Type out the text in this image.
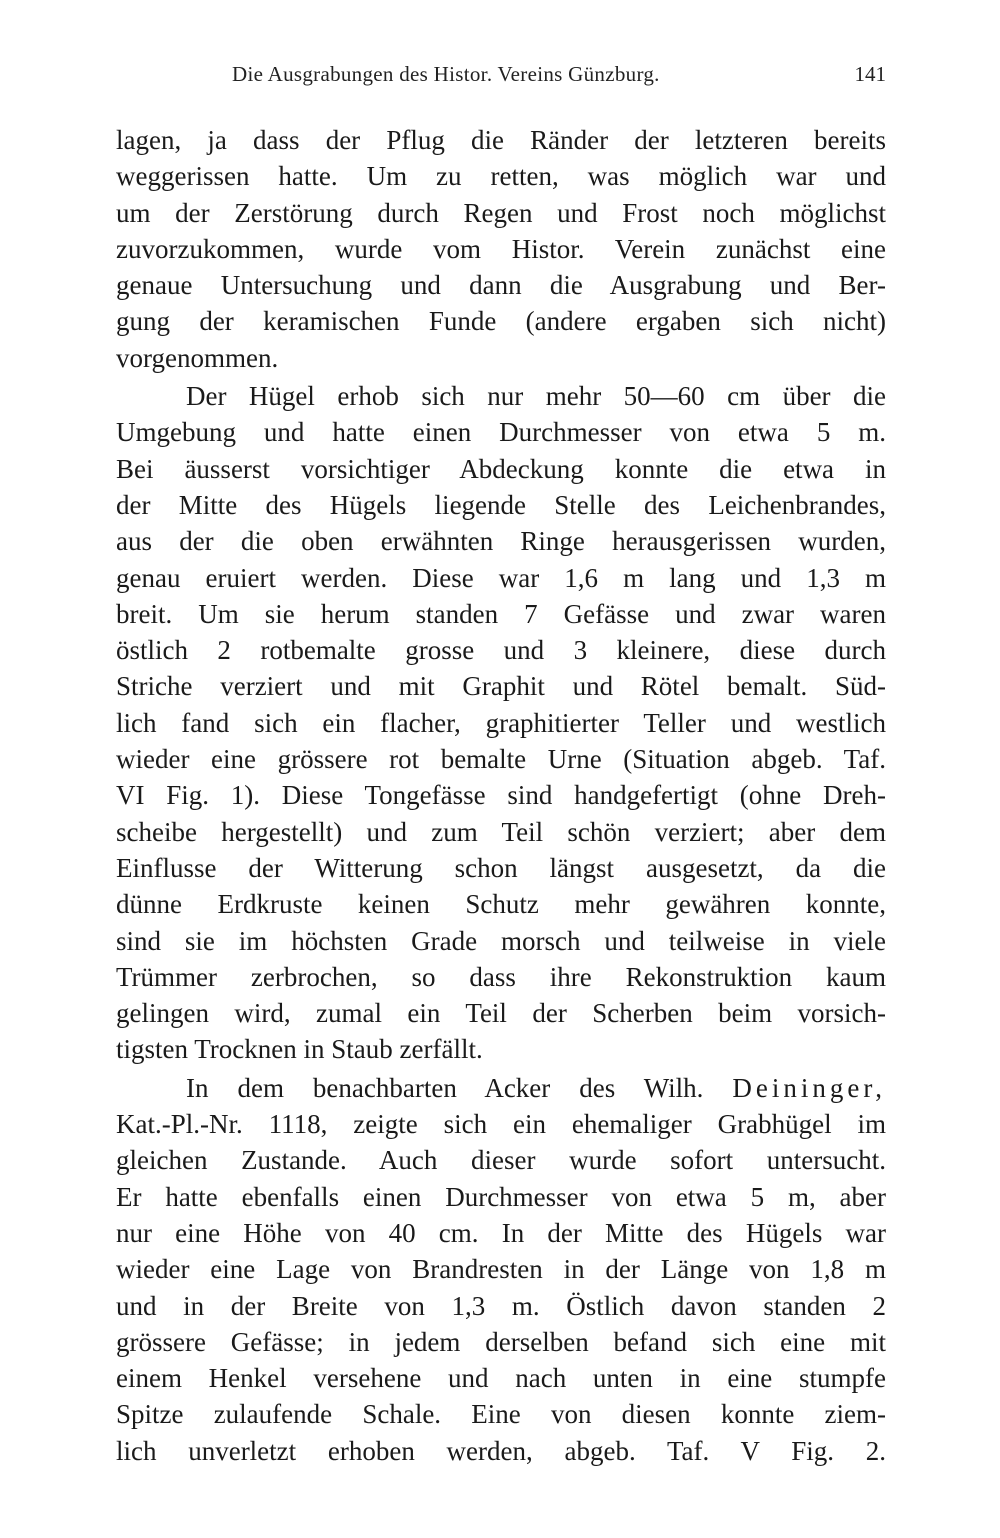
Die Ausgrabungen des Histor. Vereins Günzburg.	141
lagen, ja dass der Pflug die Ränder der letzteren bereits
weggerissen hatte. Um zu retten, was möglich war und
um der Zerstörung durch Regen und Frost noch möglichst
zuvorzukommen, wurde vom Histor. Verein zunächst eine
genaue Untersuchung und dann die Ausgrabung und Ber-
gung der keramischen Funde (andere ergaben sich nicht)
vorgenommen.
Der Hügel erhob sich nur mehr 50—60 cm über die
Umgebung und hatte einen Durchmesser von etwa 5 m.
Bei äusserst vorsichtiger Abdeckung konnte die etwa in
der Mitte des Hügels liegende Stelle des Leichenbrandes,
aus der die oben erwähnten Ringe herausgerissen wurden,
genau eruiert werden. Diese war 1,6 m lang und 1,3 m
breit. Um sie herum standen 7 Gefässe und zwar waren
östlich 2 rotbemalte grosse und 3 kleinere, diese durch
Striche verziert und mit Graphit und Rötel bemalt. Süd-
lich fand sich ein flacher, graphitierter Teller und westlich
wieder eine grössere rot bemalte Urne (Situation abgeb. Taf.
VI Fig. 1). Diese Tongefässe sind handgefertigt (ohne Dreh-
scheibe hergestellt) und zum Teil schön verziert; aber dem
Einflusse der Witterung schon längst ausgesetzt, da die
dünne Erdkruste keinen Schutz mehr gewähren konnte,
sind sie im höchsten Grade morsch und teilweise in viele
Trümmer zerbrochen, so dass ihre Rekonstruktion kaum
gelingen wird, zumal ein Teil der Scherben beim vorsich-
tigsten Trocknen in Staub zerfällt.
In dem benachbarten Acker des Wilh. Deininger,
Kat.-Pl.-Nr. 1118, zeigte sich ein ehemaliger Grabhügel im
gleichen Zustande. Auch dieser wurde sofort untersucht.
Er hatte ebenfalls einen Durchmesser von etwa 5 m, aber
nur eine Höhe von 40 cm. In der Mitte des Hügels war
wieder eine Lage von Brandresten in der Länge von 1,8 m
und in der Breite von 1,3 m. Östlich davon standen 2
grössere Gefässe; in jedem derselben befand sich eine mit
einem Henkel versehene und nach unten in eine stumpfe
Spitze zulaufende Schale. Eine von diesen konnte ziem-
lich unverletzt erhoben werden, abgeb. Taf. V Fig. 2.
